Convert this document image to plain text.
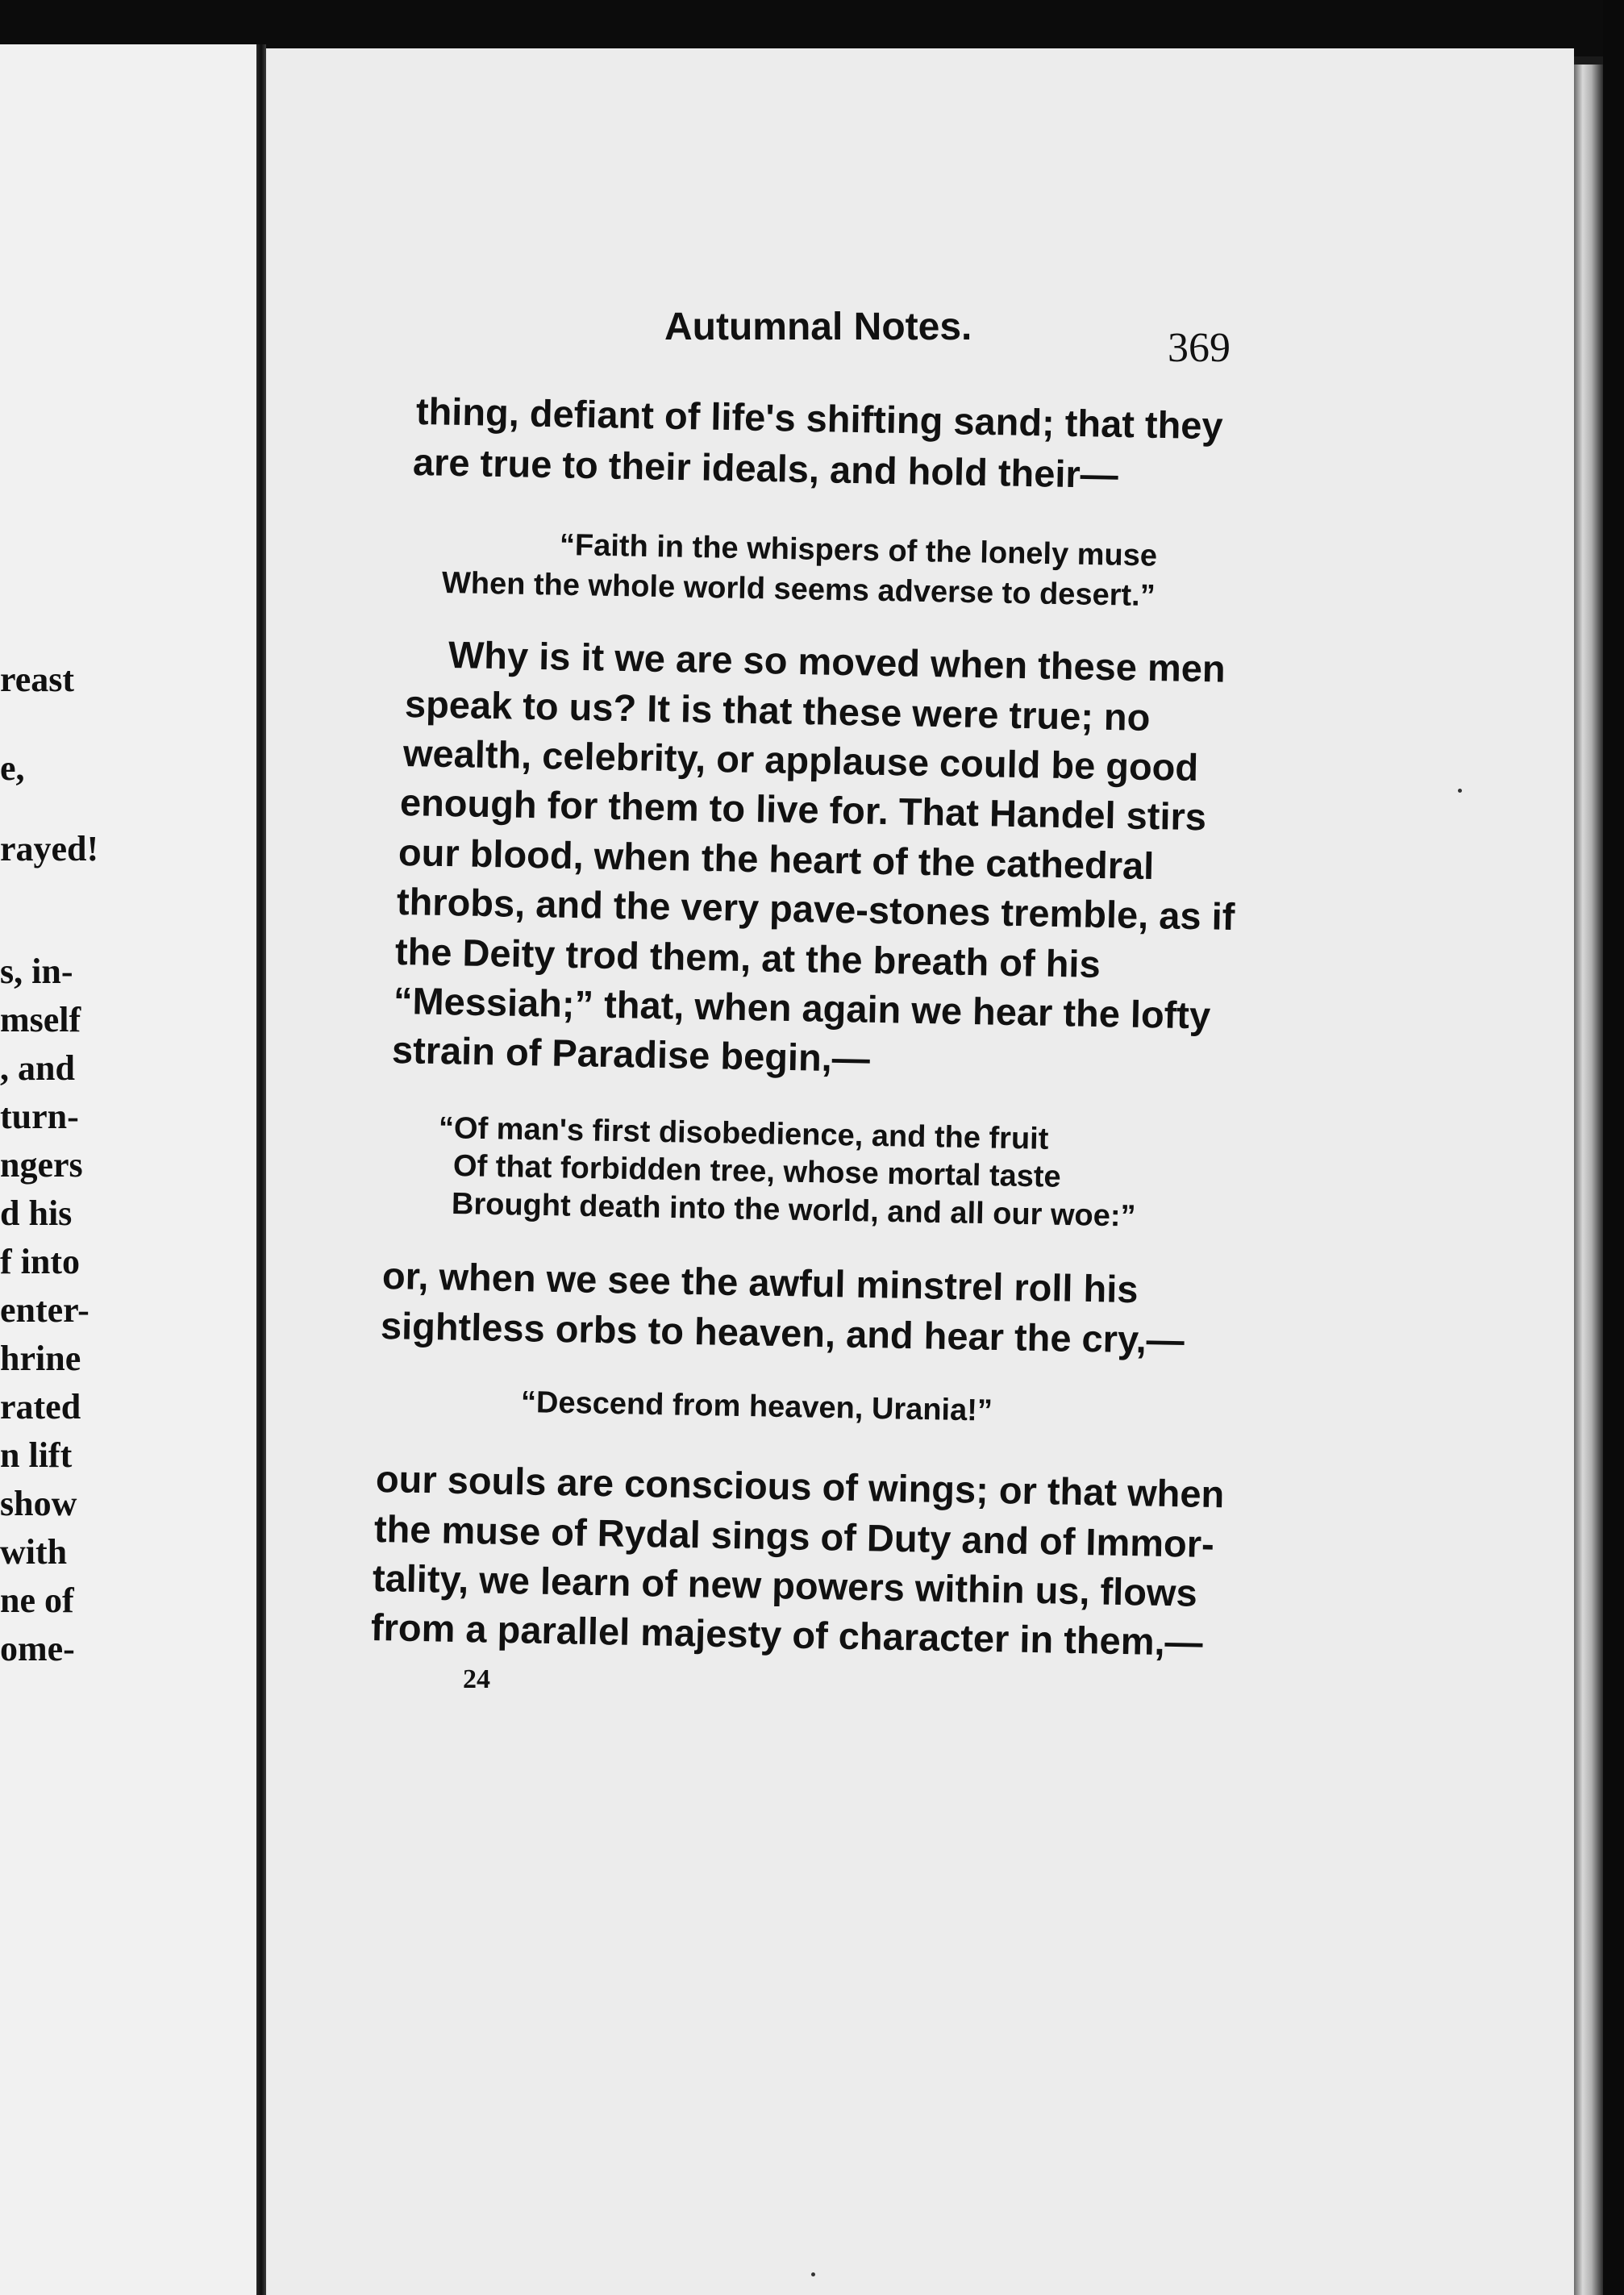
reast
e,
rayed!
s, in-
mself
, and
turn-
ngers
d his
f into
enter-
hrine
rated
n lift
show
with
ne of
ome-
Autumnal Notes.	369
thing, defiant of life's shifting sand; that they
are true to their ideals, and hold their—
“Faith in the whispers of the lonely muse
When the whole world seems adverse to desert.”
Why is it we are so moved when these men
speak to us? It is that these were true; no
wealth, celebrity, or applause could be good
enough for them to live for. That Handel stirs
our blood, when the heart of the cathedral
throbs, and the very pave-stones tremble, as if
the Deity trod them, at the breath of his
“Messiah;” that, when again we hear the lofty
strain of Paradise begin,—
“Of man's first disobedience, and the fruit
Of that forbidden tree, whose mortal taste
Brought death into the world, and all our woe:”
or, when we see the awful minstrel roll his
sightless orbs to heaven, and hear the cry,—
“Descend from heaven, Urania!”
our souls are conscious of wings; or that when
the muse of Rydal sings of Duty and of Immor-
tality, we learn of new powers within us, flows
from a parallel majesty of character in them,—
24
